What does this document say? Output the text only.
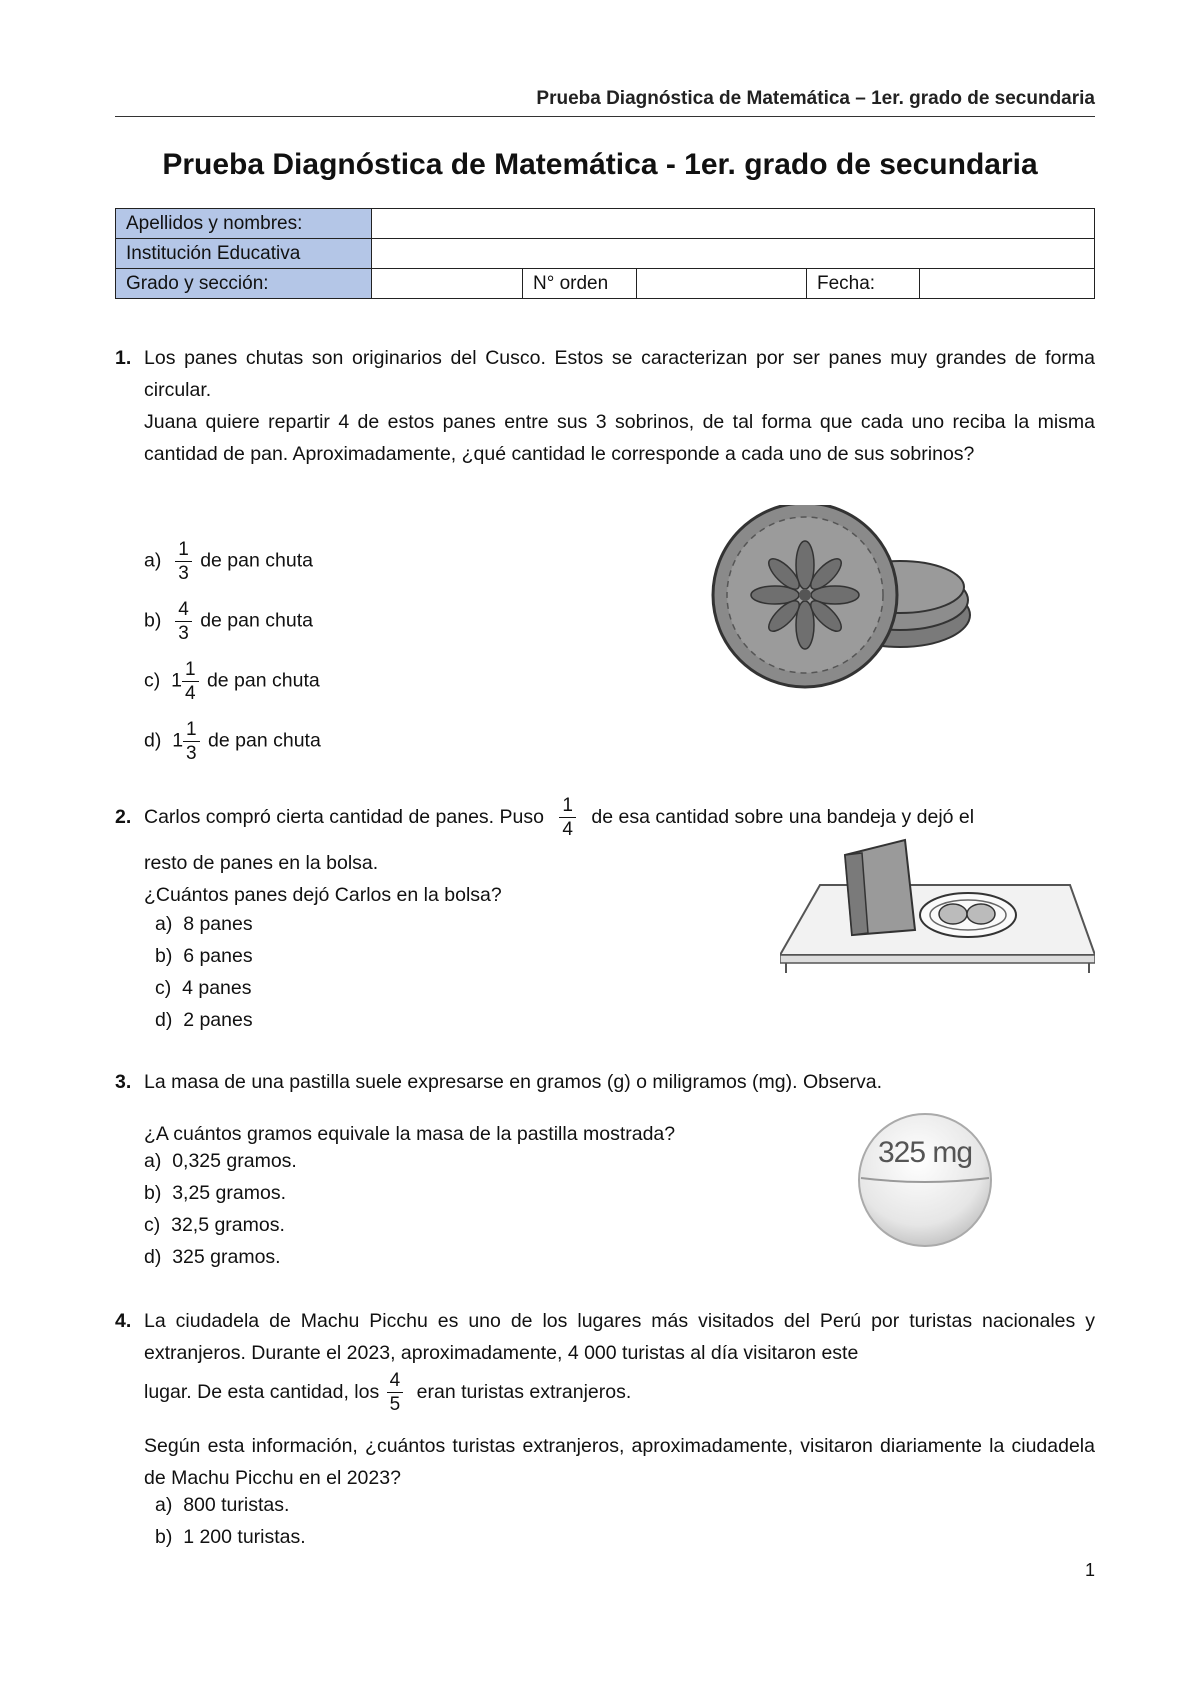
Prueba Diagnóstica de Matemática – 1er. grado de secundaria
Prueba Diagnóstica de Matemática - 1er. grado de secundaria
Apellidos y nombres:					
Institución Educativa					
Grado y sección:		N° orden		Fecha:	
1. Los panes chutas son originarios del Cusco. Estos se caracterizan por ser panes muy grandes de forma circular.
Juana quiere repartir 4 de estos panes entre sus 3 sobrinos, de tal forma que cada uno reciba la misma cantidad de pan. Aproximadamente, ¿qué cantidad le corresponde a cada uno de sus sobrinos?
$a) \frac{1}{3}$ de pan chuta
$b) \frac{4}{3}$ de pan chuta
c) $1 \frac{1}{4}$ de pan chuta
d) $1 \frac{1}{3}$ de pan chuta
2. Carlos compró cierta cantidad de panes. Puso $\frac{1}{4}$ de esa cantidad sobre una bandeja y dejó el
resto de panes en la bolsa.
¿Cuántos panes dejó Carlos en la bolsa?
a) 8 panes
b) 6 panes
c) 4 panes
d) 2 panes
3. La masa de una pastilla suele expresarse en gramos (g) o miligramos (mg). Observa.
¿A cuántos gramos equivale la masa de la pastilla mostrada?
a) 0,325 gramos.
b) 3,25 gramos.
c) 32,5 gramos.
d) 325 gramos.
325 mg
4. La ciudadela de Machu Picchu es uno de los lugares más visitados del Perú por turistas nacionales y extranjeros. Durante el 2023, aproximadamente, 4 000 turistas al día visitaron este
lugar. De esta cantidad, los $\frac{4}{5}$ eran turistas extranjeros.
Según esta información, ¿cuántos turistas extranjeros, aproximadamente, visitaron diariamente la ciudadela de Machu Picchu en el 2023?
a) 800 turistas.
b) 1 200 turistas.
1
